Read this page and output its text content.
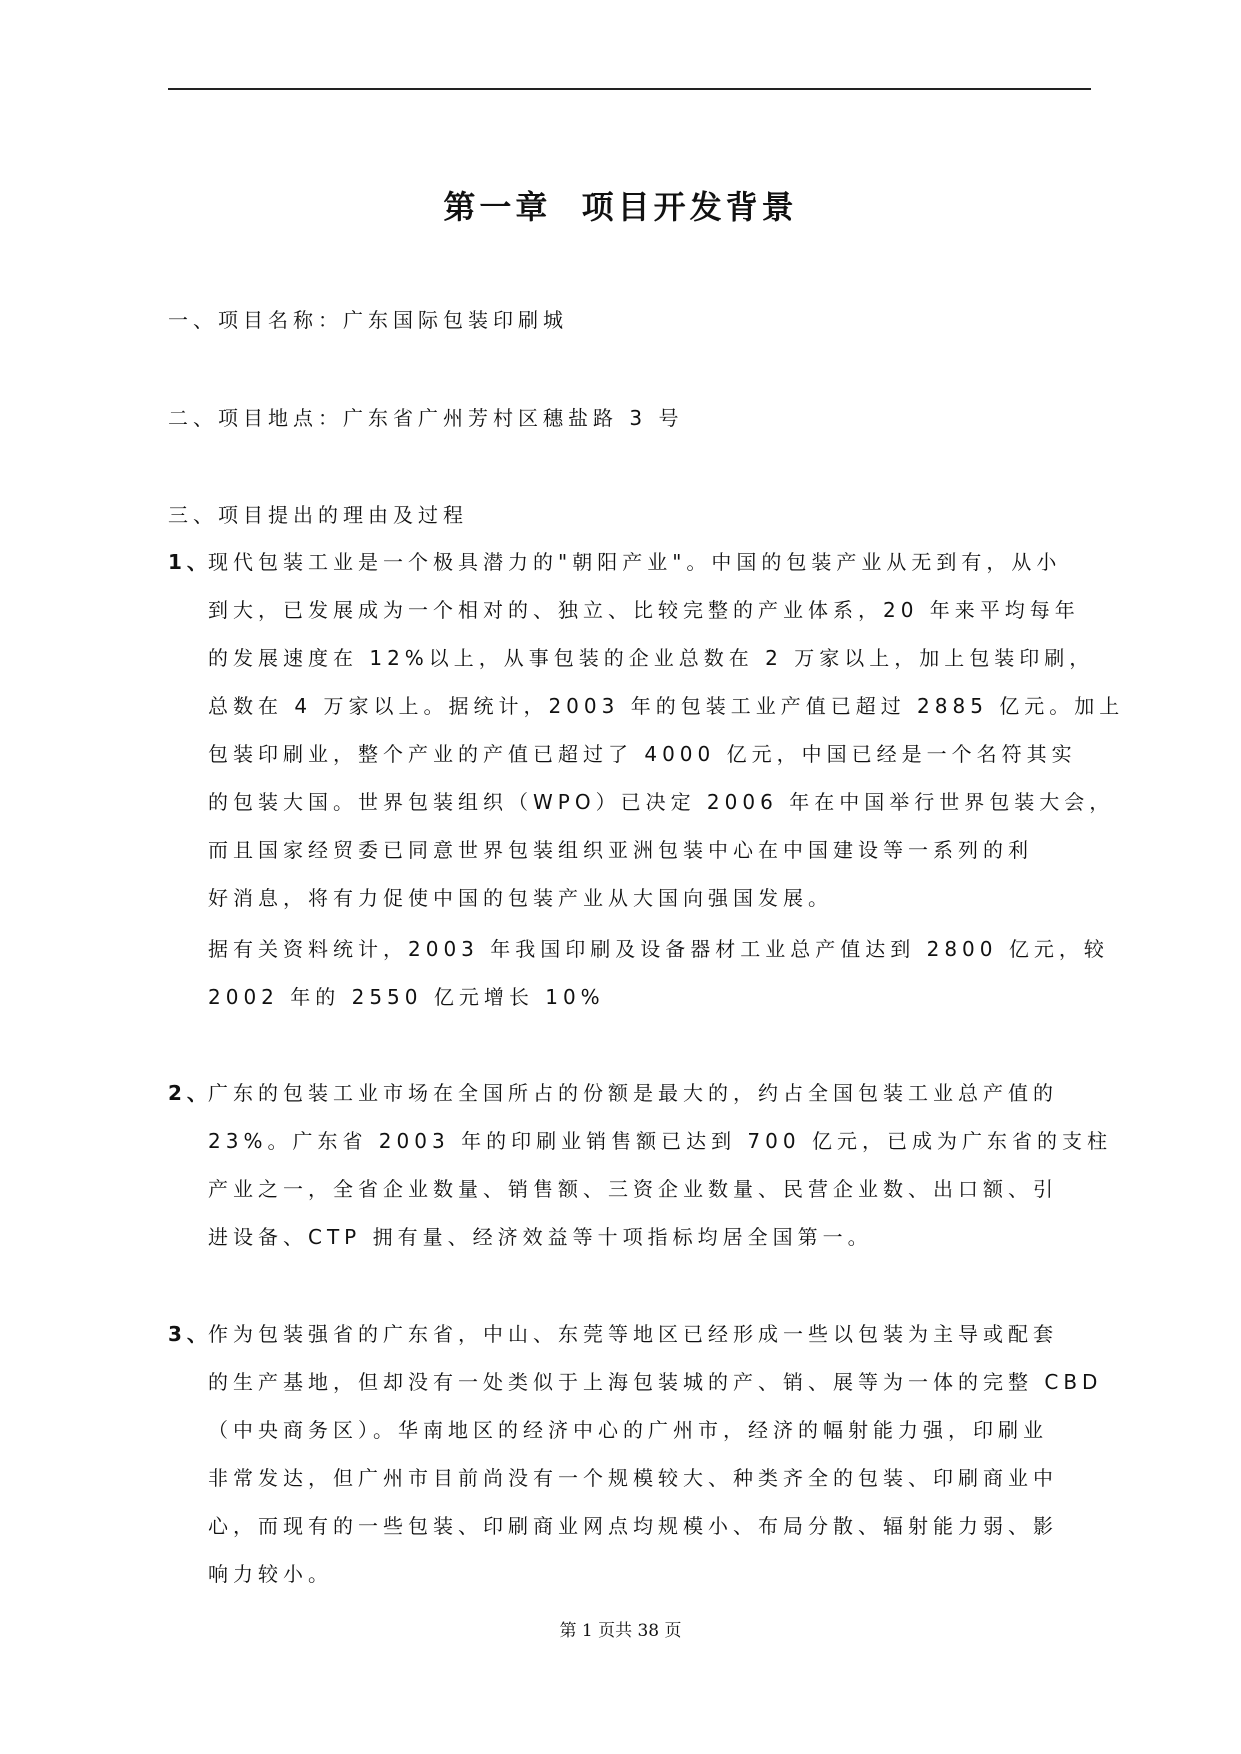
第一章  项目开发背景
一、项目名称：广东国际包装印刷城
二、项目地点：广东省广州芳村区穗盐路 3 号
三、项目提出的理由及过程
1、
现代包装工业是一个极具潜力的"朝阳产业"。中国的包装产业从无到有，从小
到大，已发展成为一个相对的、独立、比较完整的产业体系，20 年来平均每年
的发展速度在 12%以上，从事包装的企业总数在 2 万家以上，加上包装印刷，
总数在 4 万家以上。据统计，2003 年的包装工业产值已超过 2885 亿元。加上
包装印刷业，整个产业的产值已超过了 4000 亿元，中国已经是一个名符其实
的包装大国。世界包装组织（WPO）已决定 2006 年在中国举行世界包装大会，
而且国家经贸委已同意世界包装组织亚洲包装中心在中国建设等一系列的利
好消息，将有力促使中国的包装产业从大国向强国发展。
据有关资料统计，2003 年我国印刷及设备器材工业总产值达到 2800 亿元，较
2002 年的 2550 亿元增长 10%
2、
广东的包装工业市场在全国所占的份额是最大的，约占全国包装工业总产值的
23%。广东省 2003 年的印刷业销售额已达到 700 亿元，已成为广东省的支柱
产业之一，全省企业数量、销售额、三资企业数量、民营企业数、出口额、引
进设备、CTP 拥有量、经济效益等十项指标均居全国第一。
3、
作为包装强省的广东省，中山、东莞等地区已经形成一些以包装为主导或配套
的生产基地，但却没有一处类似于上海包装城的产、销、展等为一体的完整 CBD
（中央商务区）。华南地区的经济中心的广州市，经济的幅射能力强，印刷业
非常发达，但广州市目前尚没有一个规模较大、种类齐全的包装、印刷商业中
心，而现有的一些包装、印刷商业网点均规模小、布局分散、辐射能力弱、影
响力较小。
第 1 页共 38 页
